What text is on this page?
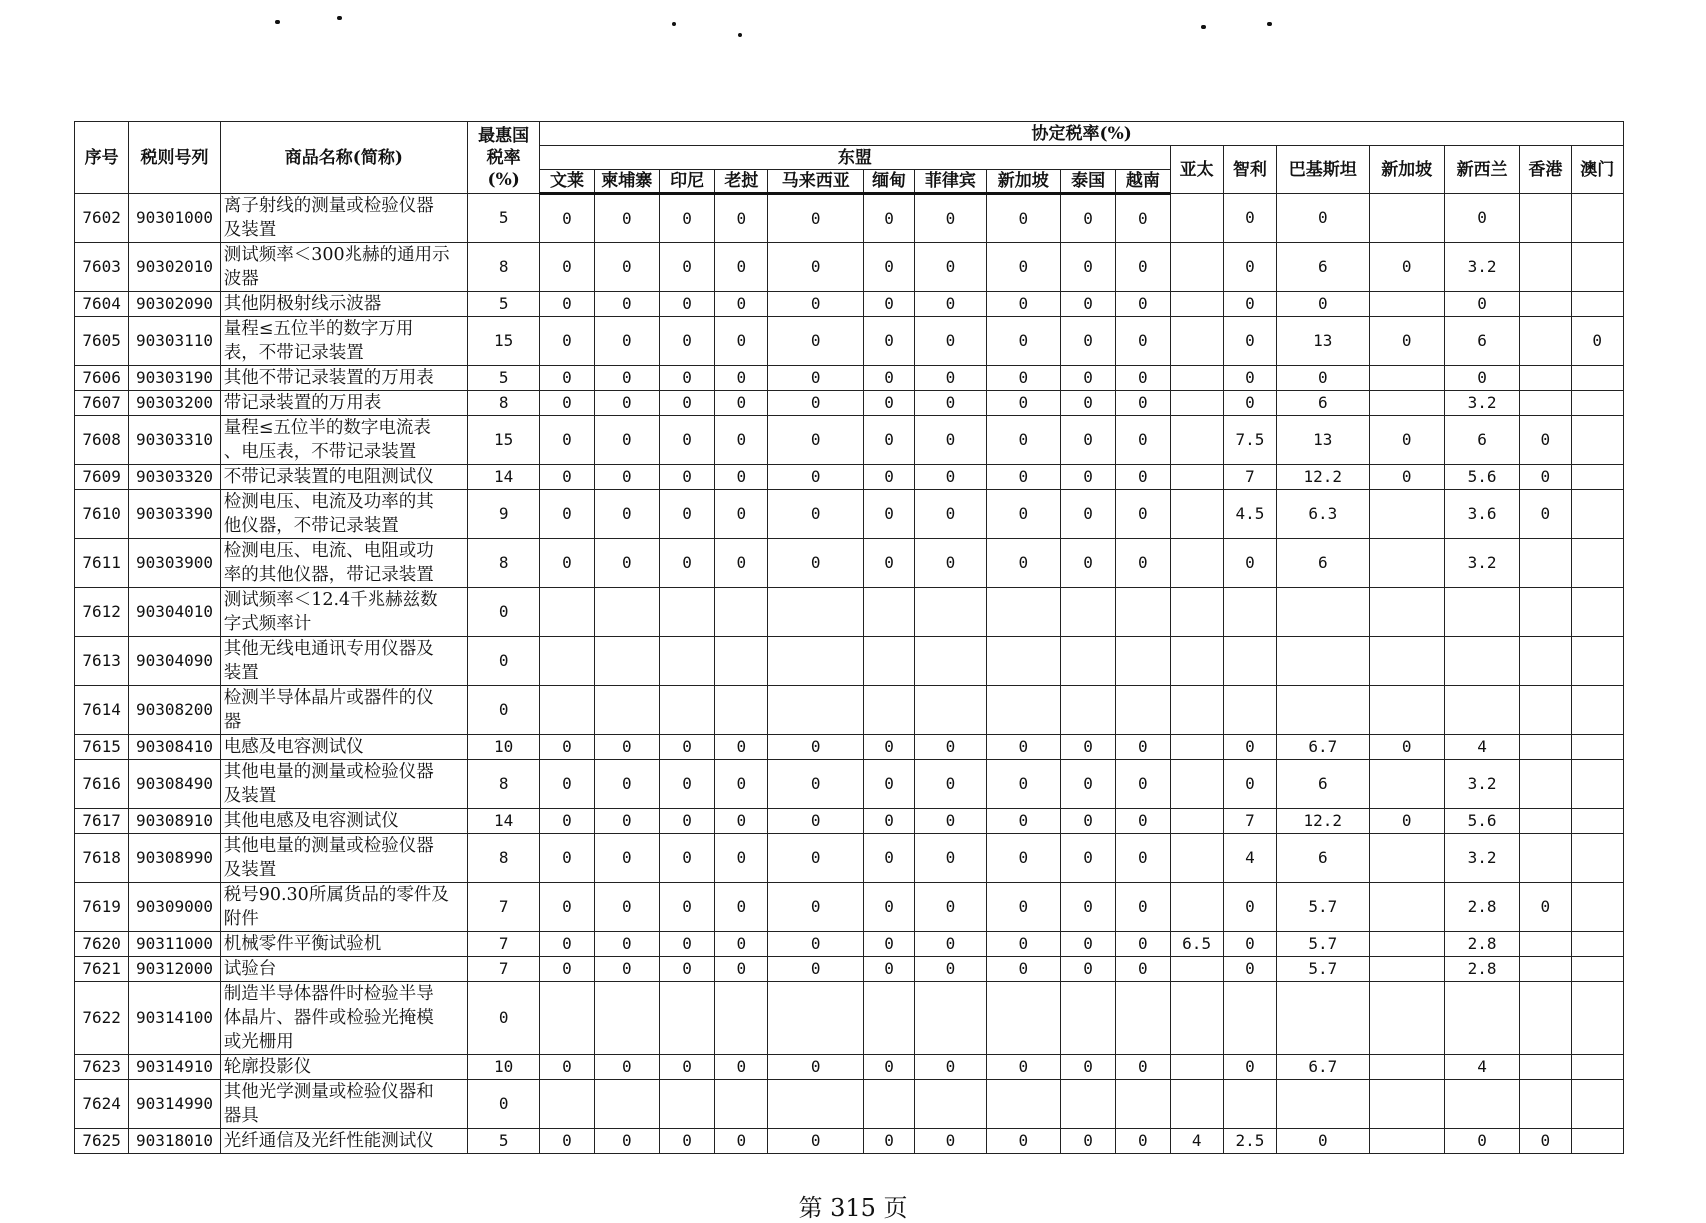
序号	税则号列	商品名称(简称)	最惠国
税率
(%)	协定税率(%)																
				东盟										亚太	智利	巴基斯坦	新加坡	新西兰	香港	澳门
				文莱	柬埔寨	印尼	老挝	马来西亚	缅甸	菲律宾	新加坡	泰国	越南							
7602	90301000	离子射线的测量或检验仪器
及装置	5	0	0	0	0	0	0	0	0	0	0		0	0		0		
7603	90302010	测试频率＜300兆赫的通用示
波器	8	0	0	0	0	0	0	0	0	0	0		0	6	0	3.2		
7604	90302090	其他阴极射线示波器	5	0	0	0	0	0	0	0	0	0	0		0	0		0		
7605	90303110	量程≤五位半的数字万用
表，不带记录装置	15	0	0	0	0	0	0	0	0	0	0		0	13	0	6		0
7606	90303190	其他不带记录装置的万用表	5	0	0	0	0	0	0	0	0	0	0		0	0		0		
7607	90303200	带记录装置的万用表	8	0	0	0	0	0	0	0	0	0	0		0	6		3.2		
7608	90303310	量程≤五位半的数字电流表
、电压表，不带记录装置	15	0	0	0	0	0	0	0	0	0	0		7.5	13	0	6	0	
7609	90303320	不带记录装置的电阻测试仪	14	0	0	0	0	0	0	0	0	0	0		7	12.2	0	5.6	0	
7610	90303390	检测电压、电流及功率的其
他仪器，不带记录装置	9	0	0	0	0	0	0	0	0	0	0		4.5	6.3		3.6	0	
7611	90303900	检测电压、电流、电阻或功
率的其他仪器，带记录装置	8	0	0	0	0	0	0	0	0	0	0		0	6		3.2		
7612	90304010	测试频率＜12.4千兆赫兹数
字式频率计	0																	
7613	90304090	其他无线电通讯专用仪器及
装置	0																	
7614	90308200	检测半导体晶片或器件的仪
器	0																	
7615	90308410	电感及电容测试仪	10	0	0	0	0	0	0	0	0	0	0		0	6.7	0	4		
7616	90308490	其他电量的测量或检验仪器
及装置	8	0	0	0	0	0	0	0	0	0	0		0	6		3.2		
7617	90308910	其他电感及电容测试仪	14	0	0	0	0	0	0	0	0	0	0		7	12.2	0	5.6		
7618	90308990	其他电量的测量或检验仪器
及装置	8	0	0	0	0	0	0	0	0	0	0		4	6		3.2		
7619	90309000	税号90.30所属货品的零件及
附件	7	0	0	0	0	0	0	0	0	0	0		0	5.7		2.8	0	
7620	90311000	机械零件平衡试验机	7	0	0	0	0	0	0	0	0	0	0	6.5	0	5.7		2.8		
7621	90312000	试验台	7	0	0	0	0	0	0	0	0	0	0		0	5.7		2.8		
7622	90314100	制造半导体器件时检验半导
体晶片、器件或检验光掩模
或光栅用	0																	
7623	90314910	轮廓投影仪	10	0	0	0	0	0	0	0	0	0	0		0	6.7		4		
7624	90314990	其他光学测量或检验仪器和
器具	0																	
7625	90318010	光纤通信及光纤性能测试仪	5	0	0	0	0	0	0	0	0	0	0	4	2.5	0		0	0	
第 315 页
